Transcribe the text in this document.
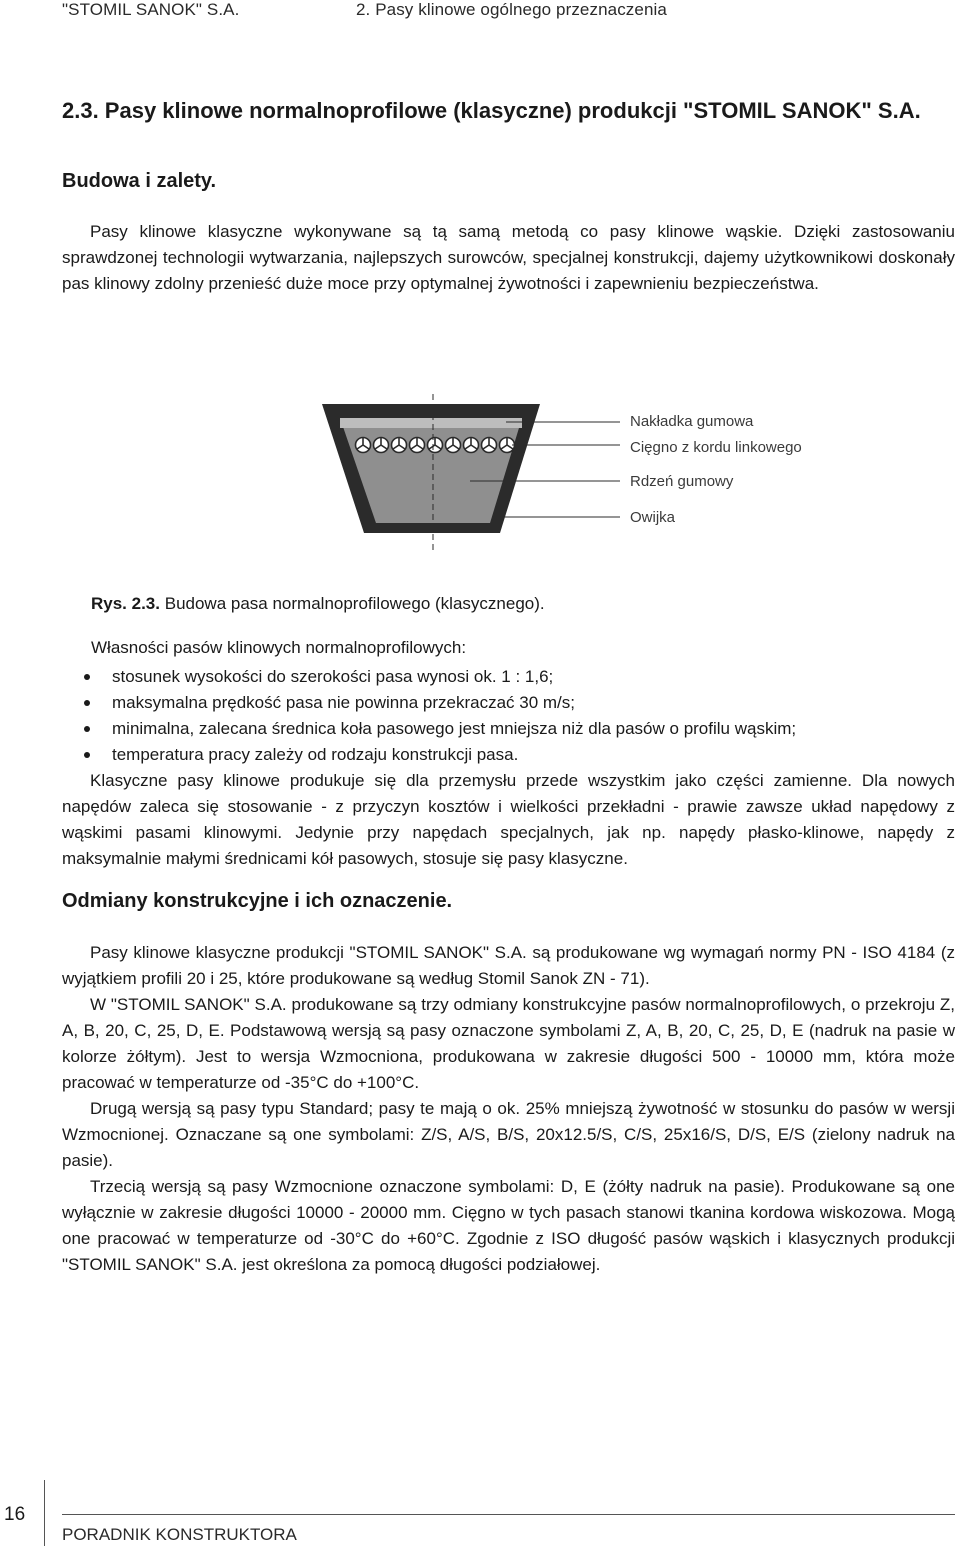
"STOMIL SANOK" S.A.	2. Pasy klinowe ogólnego przeznaczenia
2.3. Pasy klinowe normalnoprofilowe (klasyczne) produkcji "STOMIL SANOK" S.A.
Budowa i zalety.

Pasy klinowe klasyczne wykonywane są tą samą metodą co pasy klinowe wąskie. Dzięki zastosowaniu sprawdzonej technologii wytwarzania, najlepszych surowców, specjalnej konstrukcji, dajemy użytkownikowi doskonały pas klinowy zdolny przenieść duże moce przy optymalnej żywotności i zapewnieniu bezpieczeństwa.

Nakładka gumowa
Cięgno z kordu linkowego
Rdzeń gumowy
Owijka
Rys. 2.3. Budowa pasa normalnoprofilowego (klasycznego).
Własności pasów klinowych normalnoprofilowych:
stosunek wysokości do szerokości pasa wynosi ok. 1 : 1,6;
maksymalna prędkość pasa nie powinna przekraczać 30 m/s;
minimalna, zalecana średnica koła pasowego jest mniejsza niż dla pasów o profilu wąskim;
temperatura pracy zależy od rodzaju konstrukcji pasa.

Klasyczne pasy klinowe produkuje się dla przemysłu przede wszystkim jako części zamienne. Dla nowych napędów zaleca się stosowanie - z przyczyn kosztów i wielkości przekładni - prawie zawsze układ napędowy z wąskimi pasami klinowymi. Jedynie przy napędach specjalnych, jak np. napędy płasko-klinowe, napędy z maksymalnie małymi średnicami kół pasowych, stosuje się pasy klasyczne.

Odmiany konstrukcyjne i ich oznaczenie.

Pasy klinowe klasyczne produkcji "STOMIL SANOK" S.A. są produkowane wg wymagań normy PN - ISO 4184 (z wyjątkiem profili 20 i 25, które produkowane są według Stomil Sanok ZN - 71).

W "STOMIL SANOK" S.A. produkowane są trzy odmiany konstrukcyjne pasów normalnoprofilowych, o przekroju Z, A, B, 20, C, 25, D, E. Podstawową wersją są pasy oznaczone symbolami Z, A, B, 20, C, 25, D, E (nadruk na pasie w kolorze żółtym). Jest to wersja Wzmocniona, produkowana w zakresie długości 500 - 10000 mm, która może pracować w temperaturze od -35°C do +100°C.

Drugą wersją są pasy typu Standard; pasy te mają o ok. 25% mniejszą żywotność w stosunku do pasów w wersji Wzmocnionej. Oznaczane są one symbolami: Z/S, A/S, B/S, 20x12.5/S, C/S, 25x16/S, D/S, E/S (zielony nadruk na pasie).

Trzecią wersją są pasy Wzmocnione oznaczone symbolami: D, E (żółty nadruk na pasie). Produkowane są one wyłącznie w zakresie długości 10000 - 20000 mm. Cięgno w tych pasach stanowi tkanina kordowa wiskozowa. Mogą one pracować w temperaturze od -30°C do +60°C. Zgodnie z ISO długość pasów wąskich i klasycznych produkcji "STOMIL SANOK" S.A. jest określona za pomocą długości podziałowej.

16
PORADNIK KONSTRUKTORA
